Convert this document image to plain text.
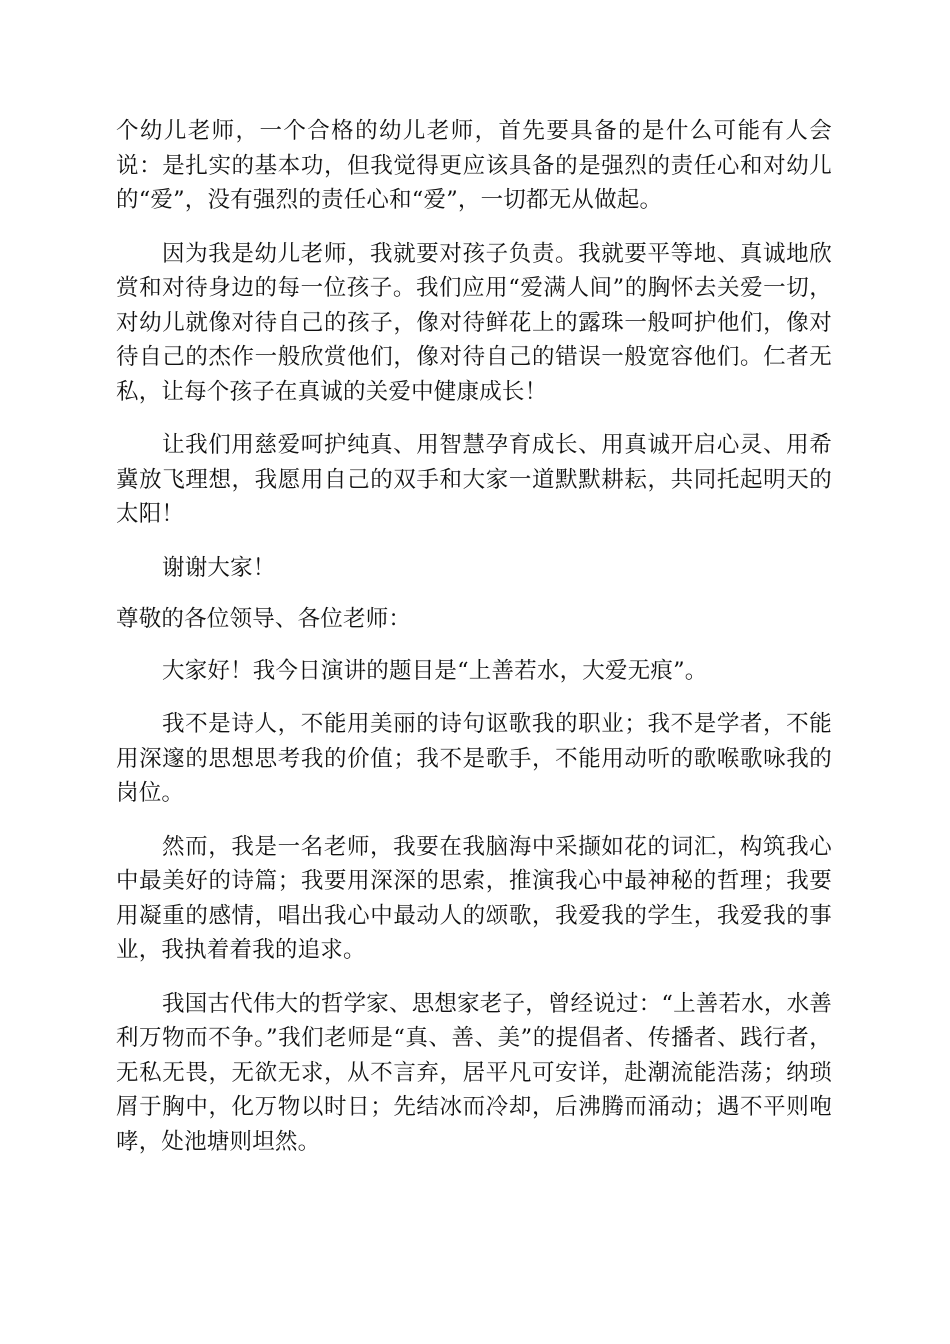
个幼儿老师，一个合格的幼儿老师，首先要具备的是什么可能有人会说：是扎实的基本功，但我觉得更应该具备的是强烈的责任心和对幼儿的“爱”，没有强烈的责任心和“爱”，一切都无从做起。

因为我是幼儿老师，我就要对孩子负责。我就要平等地、真诚地欣赏和对待身边的每一位孩子。我们应用“爱满人间”的胸怀去关爱一切，对幼儿就像对待自己的孩子，像对待鲜花上的露珠一般呵护他们，像对待自己的杰作一般欣赏他们，像对待自己的错误一般宽容他们。仁者无私，让每个孩子在真诚的关爱中健康成长！

让我们用慈爱呵护纯真、用智慧孕育成长、用真诚开启心灵、用希冀放飞理想，我愿用自己的双手和大家一道默默耕耘，共同托起明天的太阳！

谢谢大家！

尊敬的各位领导、各位老师：

大家好！我今日演讲的题目是“上善若水，大爱无痕”。

我不是诗人，不能用美丽的诗句讴歌我的职业；我不是学者，不能用深邃的思想思考我的价值；我不是歌手，不能用动听的歌喉歌咏我的岗位。

然而，我是一名老师，我要在我脑海中采撷如花的词汇，构筑我心中最美好的诗篇；我要用深深的思索，推演我心中最神秘的哲理；我要用凝重的感情，唱出我心中最动人的颂歌，我爱我的学生，我爱我的事业，我执着着我的追求。

我国古代伟大的哲学家、思想家老子，曾经说过：“上善若水，水善利万物而不争。”我们老师是“真、善、美”的提倡者、传播者、践行者，无私无畏，无欲无求，从不言弃，居平凡可安详，赴潮流能浩荡；纳琐屑于胸中，化万物以时日；先结冰而冷却，后沸腾而涌动；遇不平则咆哮，处池塘则坦然。
